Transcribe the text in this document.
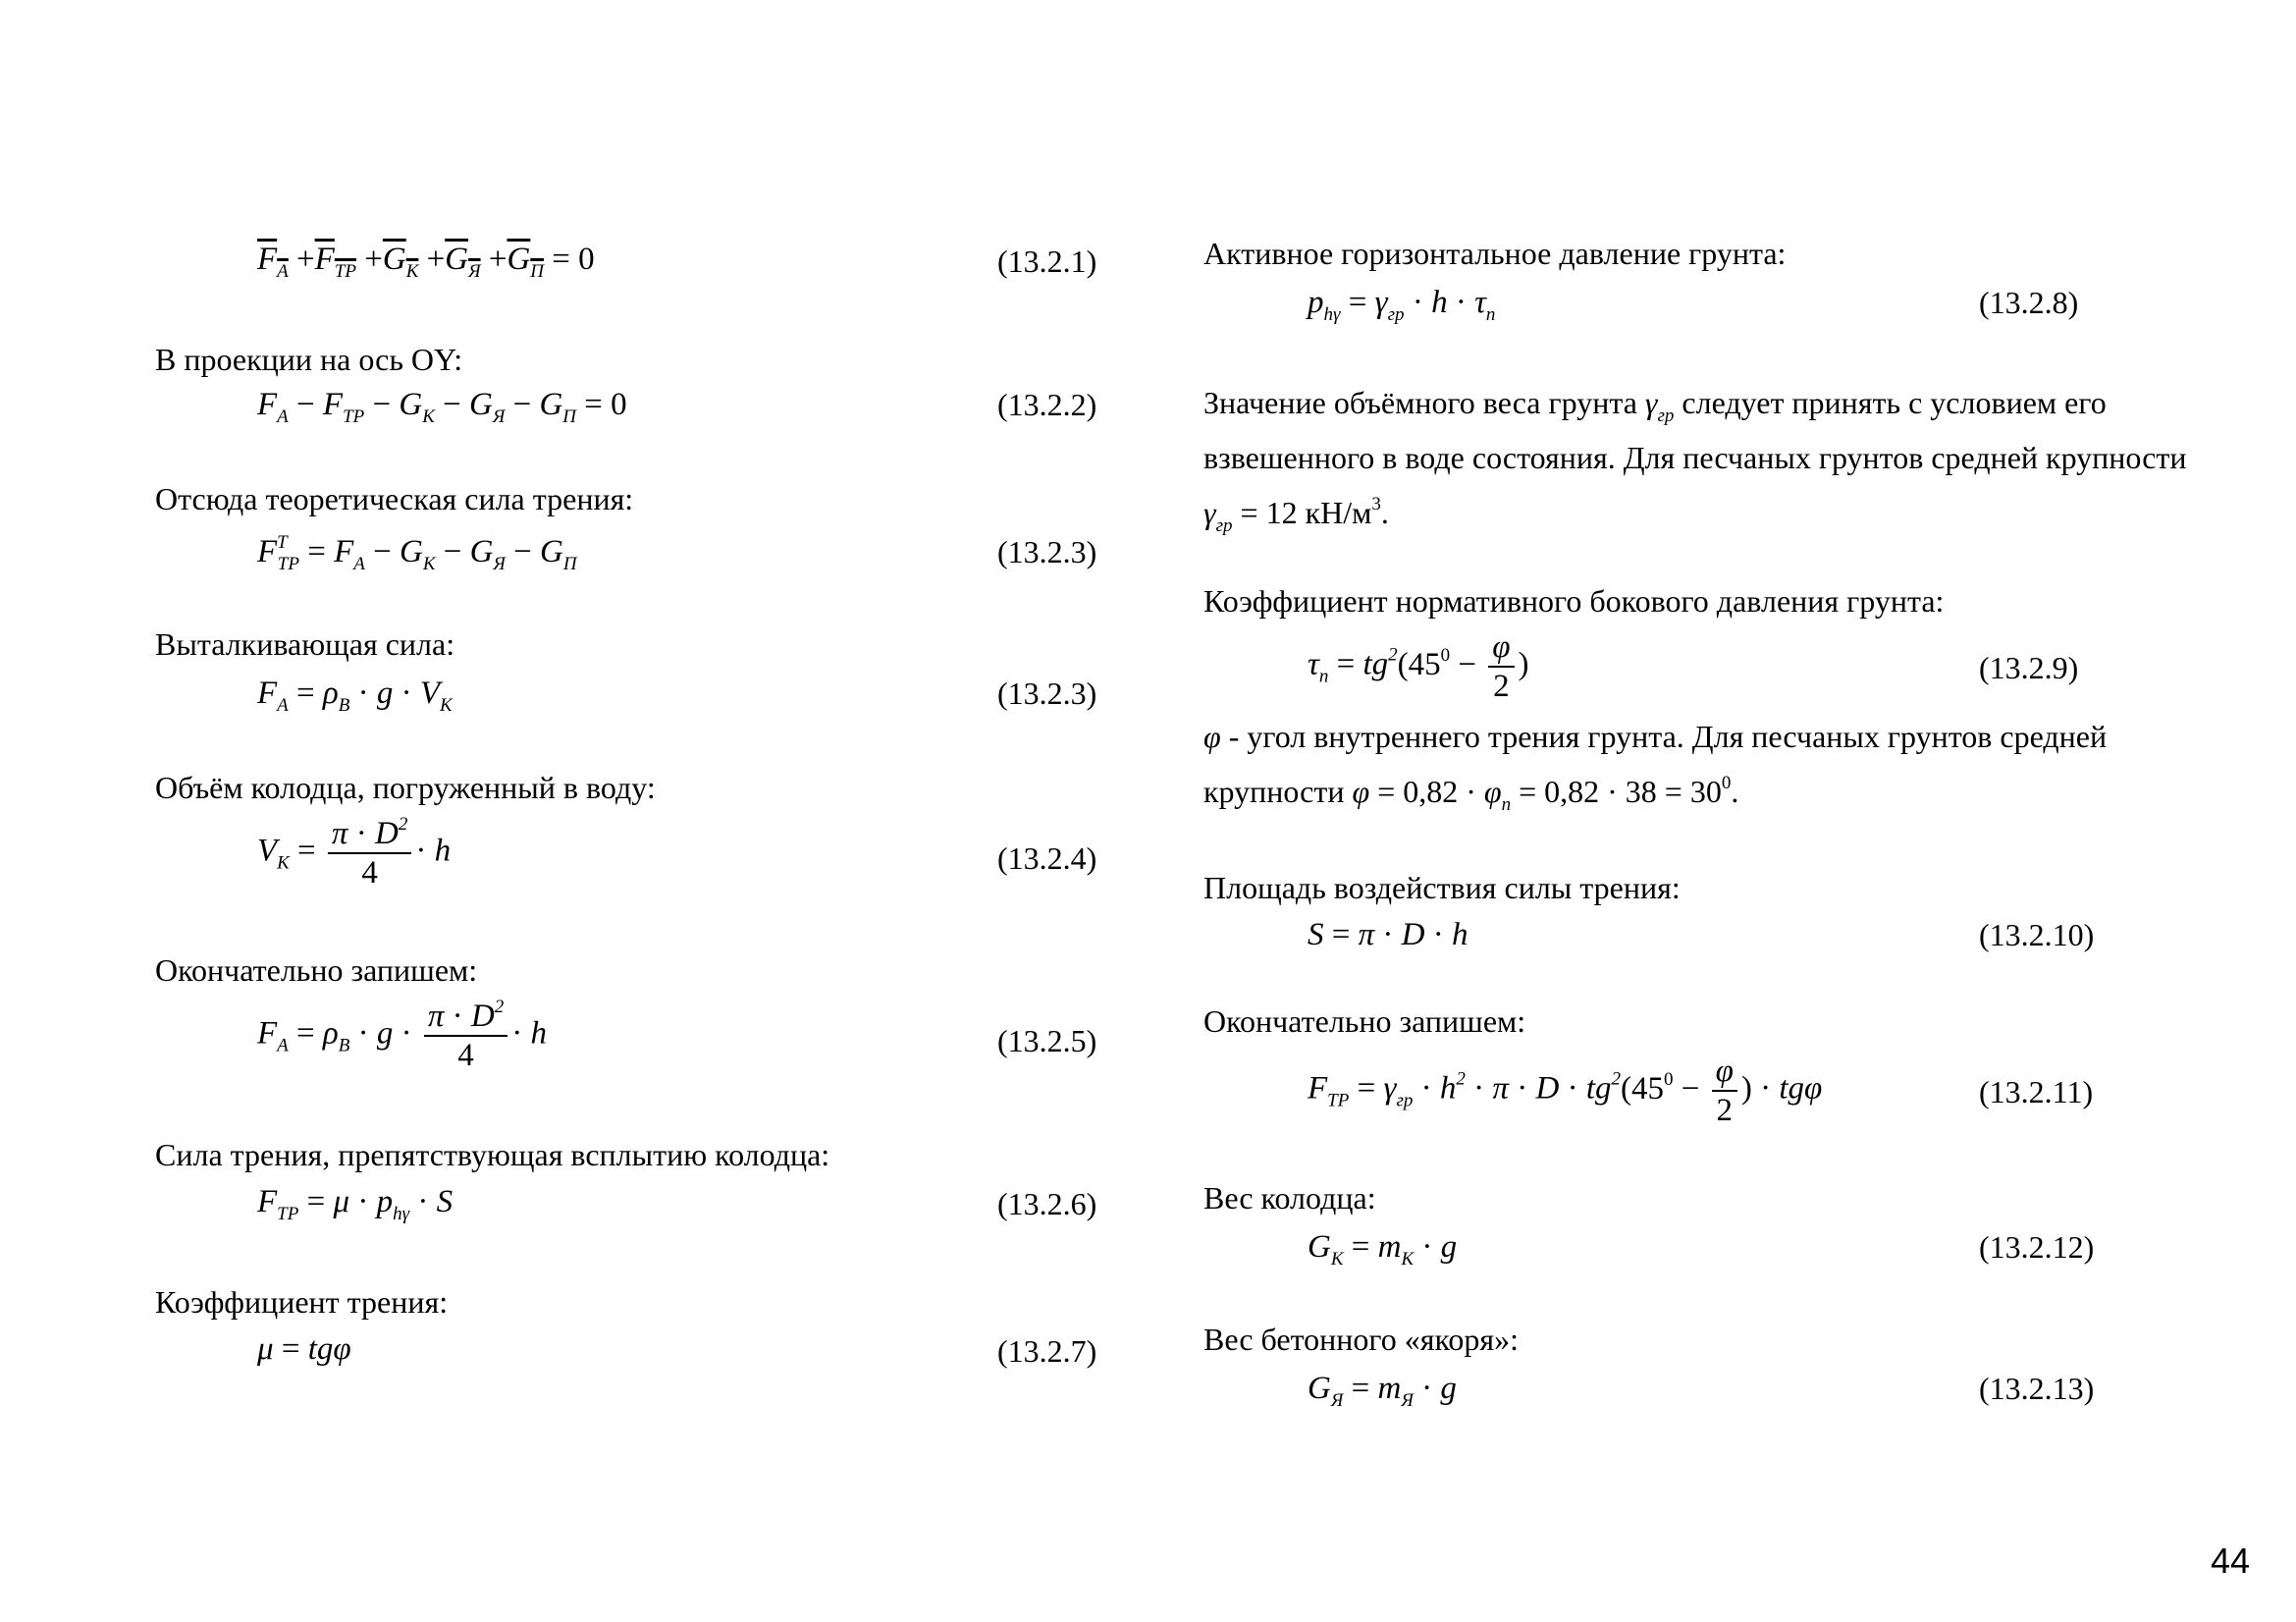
$F_A +F_{ТР} +G_К +G_Я +G_П = 0$	(13.2.1)
В проекции на ось OY:
$F_A - F_{ТР} - G_К - G_Я - G_П = 0$	(13.2.2)
Отсюда теоретическая сила трения:
$F^T_{ТР} = F_A - G_К - G_Я - G_П$	(13.2.3)
Выталкивающая сила:
$F_A = \rho_В \cdot g \cdot V_К$	(13.2.3)
Объём колодца, погруженный в воду:
$V_К = \frac{\pi \cdot D^2}{4} \cdot h$	(13.2.4)
Окончательно запишем:
$F_A = \rho_В \cdot g \cdot \frac{\pi \cdot D^2}{4} \cdot h$	(13.2.5)
Сила трения, препятствующая всплытию колодца:
$F_{ТР} = \mu \cdot p_{h\gamma} \cdot S$	(13.2.6)
Коэффициент трения:
μ = tgφ	(13.2.7)
Активное горизонтальное давление грунта:
$p_{h\gamma} = \gamma_{гр} \cdot h \cdot \tau_n$	(13.2.8)
Значение объёмного веса грунта $\gamma_{гр}$ следует принять с условием его взвешенного в воде состояния. Для песчаных грунтов средней крупности $\gamma_{гр} = 12$ $кН/м^3$.
Коэффициент нормативного бокового давления грунта:
$\tau_n = tg^2(45^0 - \frac{\varphi}{2}$ )	(13.2.9)
φ - угол внутреннего трения грунта. Для песчаных грунтов средней крупности $\varphi = 0,82 \cdot \varphi_n = 0,82 \cdot 38 = 30^0$.
Площадь воздействия силы трения:
S = π · D · h	(13.2.10)
Окончательно запишем:
$F_{ТР} = \gamma_{гр} \cdot h^2 \cdot \pi \cdot D \cdot tg^2(45^0 - \frac{\varphi}{2}$ ) · tgφ	(13.2.11)
Вес колодца:
$G_К = m_К \cdot g$	(13.2.12)
Вес бетонного «якоря»:
$G_Я = m_Я \cdot g$	(13.2.13)
44
